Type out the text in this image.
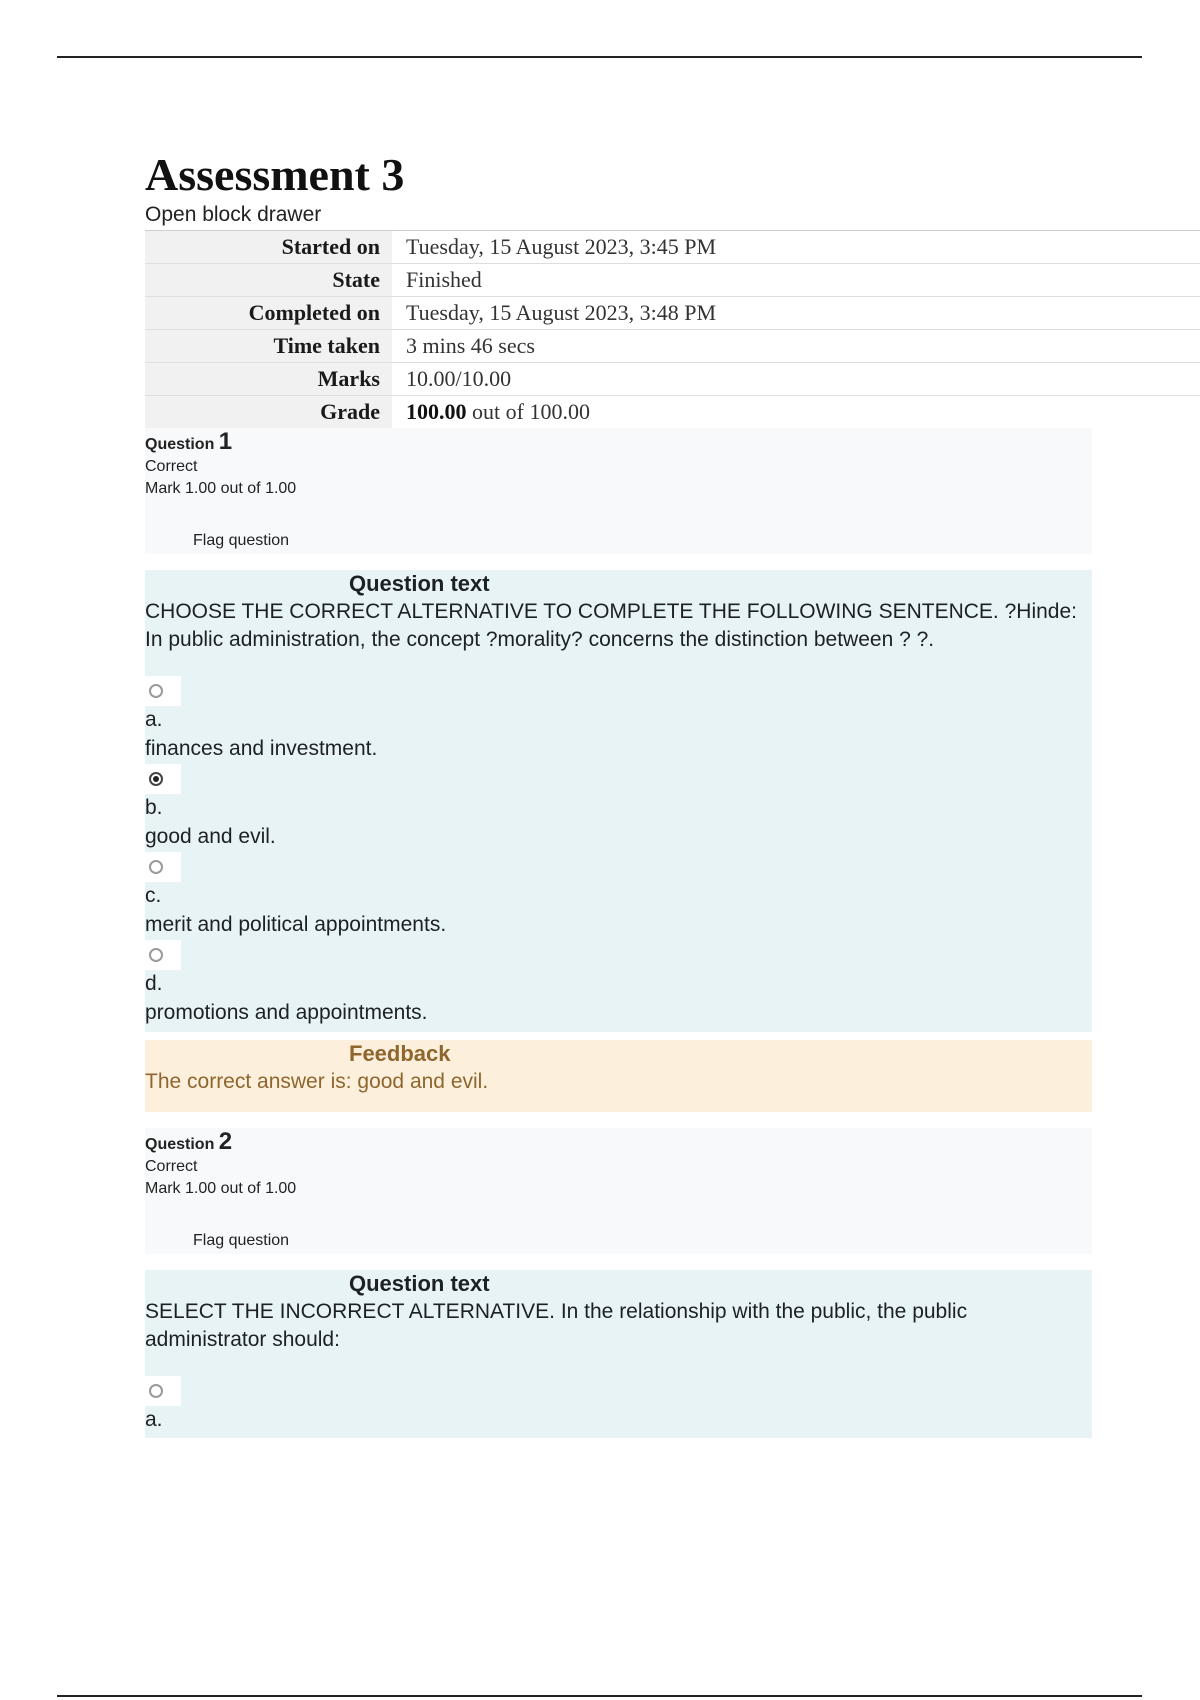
Assessment 3
Open block drawer
Started on	Tuesday, 15 August 2023, 3:45 PM
State	Finished
Completed on	Tuesday, 15 August 2023, 3:48 PM
Time taken	3 mins 46 secs
Marks	10.00/10.00
Grade	100.00 out of 100.00
Question 1
Correct
Mark 1.00 out of 1.00
Flag question
Question text
CHOOSE THE CORRECT ALTERNATIVE TO COMPLETE THE FOLLOWING SENTENCE. ?Hinde: In public administration, the concept ?morality? concerns the distinction between ? ?.
a.
finances and investment.
b.
good and evil.
c.
merit and political appointments.
d.
promotions and appointments.
Feedback
The correct answer is: good and evil.
Question 2
Correct
Mark 1.00 out of 1.00
Flag question
Question text
SELECT THE INCORRECT ALTERNATIVE. In the relationship with the public, the public administrator should:
a.
